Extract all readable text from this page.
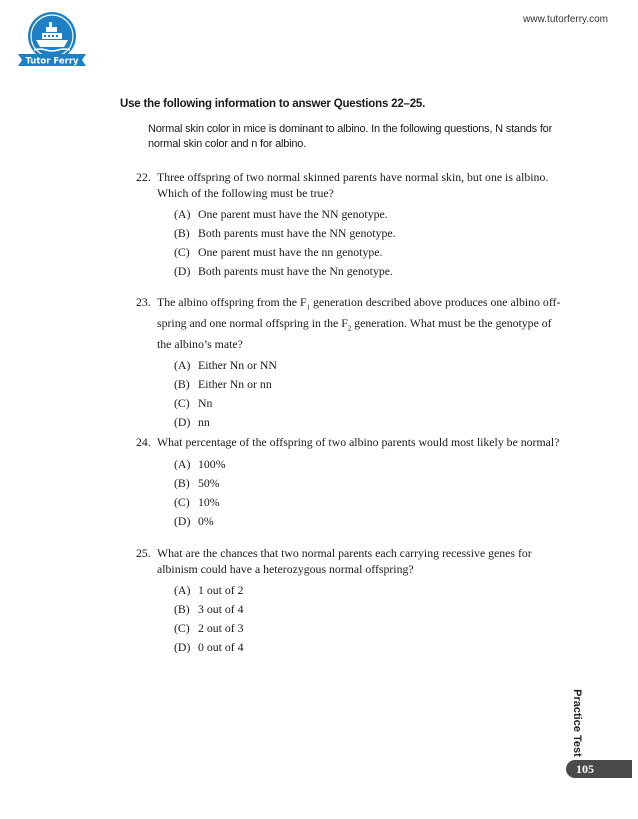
Tutor Ferry
www.tutorferry.com
Use the following information to answer Questions 22–25.
Normal skin color in mice is dominant to albino. In the following questions, N stands for normal skin color and n for albino.
22. Three offspring of two normal skinned parents have normal skin, but one is albino. Which of the following must be true?
(A) One parent must have the NN genotype.
(B) Both parents must have the NN genotype.
(C) One parent must have the nn genotype.
(D) Both parents must have the Nn genotype.
23. The albino offspring from the $F_1$ generation described above produces one albino off-spring and one normal offspring in the $F_2$ generation. What must be the genotype of the albino’s mate?
(A) Either Nn or NN
(B) Either Nn or nn
(C) Nn
(D) nn
24. What percentage of the offspring of two albino parents would most likely be normal?
(A) 100%
(B) 50%
(C) 10%
(D) 0%
25. What are the chances that two normal parents each carrying recessive genes for albinism could have a heterozygous normal offspring?
(A) 1 out of 2
(B) 3 out of 4
(C) 2 out of 3
(D) 0 out of 4
Practice Test
105
